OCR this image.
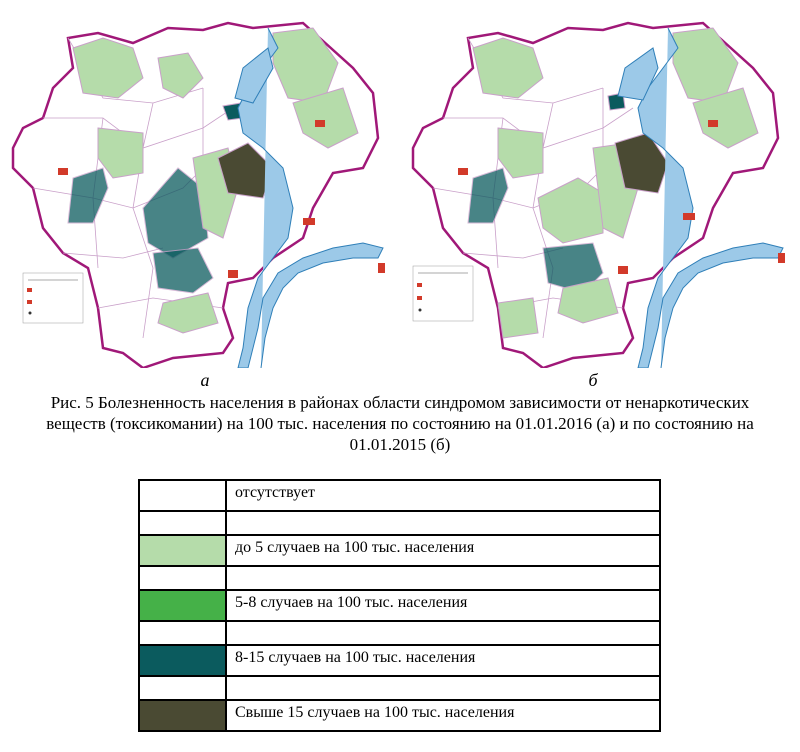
а	б
Рис. 5 Болезненность населения в районах области синдромом зависимости от ненаркотических веществ (токсикомании) на 100 тыс. населения по состоянию на 01.01.2016 (а) и по состоянию на 01.01.2015 (б)
	отсутствует

	до 5 случаев на 100 тыс. населения

	5-8 случаев на 100 тыс. населения

	8-15 случаев на 100 тыс. населения

	Свыше 15 случаев на 100 тыс. населения
